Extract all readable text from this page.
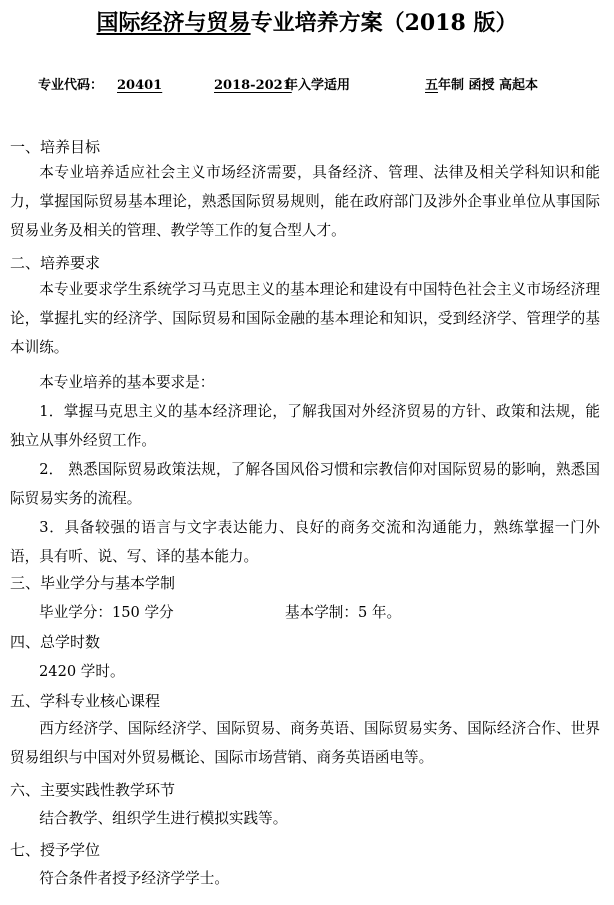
国际经济与贸易专业培养方案（2018 版）
专业代码： 20401	2018-2021
年入学适用	五 年制 函授 高起本
一、培养目标

本专业培养适应社会主义市场经济需要，具备经济、管理、法律及相关学科知识和能力，掌握国际贸易基本理论，熟悉国际贸易规则，能在政府部门及涉外企事业单位从事国际贸易业务及相关的管理、教学等工作的复合型人才。

二、培养要求

本专业要求学生系统学习马克思主义的基本理论和建设有中国特色社会主义市场经济理论，掌握扎实的经济学、国际贸易和国际金融的基本理论和知识，受到经济学、管理学的基本训练。

本专业培养的基本要求是：

1．掌握马克思主义的基本经济理论，了解我国对外经济贸易的方针、政策和法规，能独立从事外经贸工作。

2． 熟悉国际贸易政策法规，了解各国风俗习惯和宗教信仰对国际贸易的影响，熟悉国际贸易实务的流程。

3．具备较强的语言与文字表达能力、良好的商务交流和沟通能力，熟练掌握一门外语，具有听、说、写、译的基本能力。

三、毕业学分与基本学制
毕业学分：150 学分	基本学制：5 年。
四、总学时数
2420 学时。
五、学科专业核心课程

西方经济学、国际经济学、国际贸易、商务英语、国际贸易实务、国际经济合作、世界贸易组织与中国对外贸易概论、国际市场营销、商务英语函电等。

六、主要实践性教学环节

结合教学、组织学生进行模拟实践等。

七、授予学位

符合条件者授予经济学学士。
